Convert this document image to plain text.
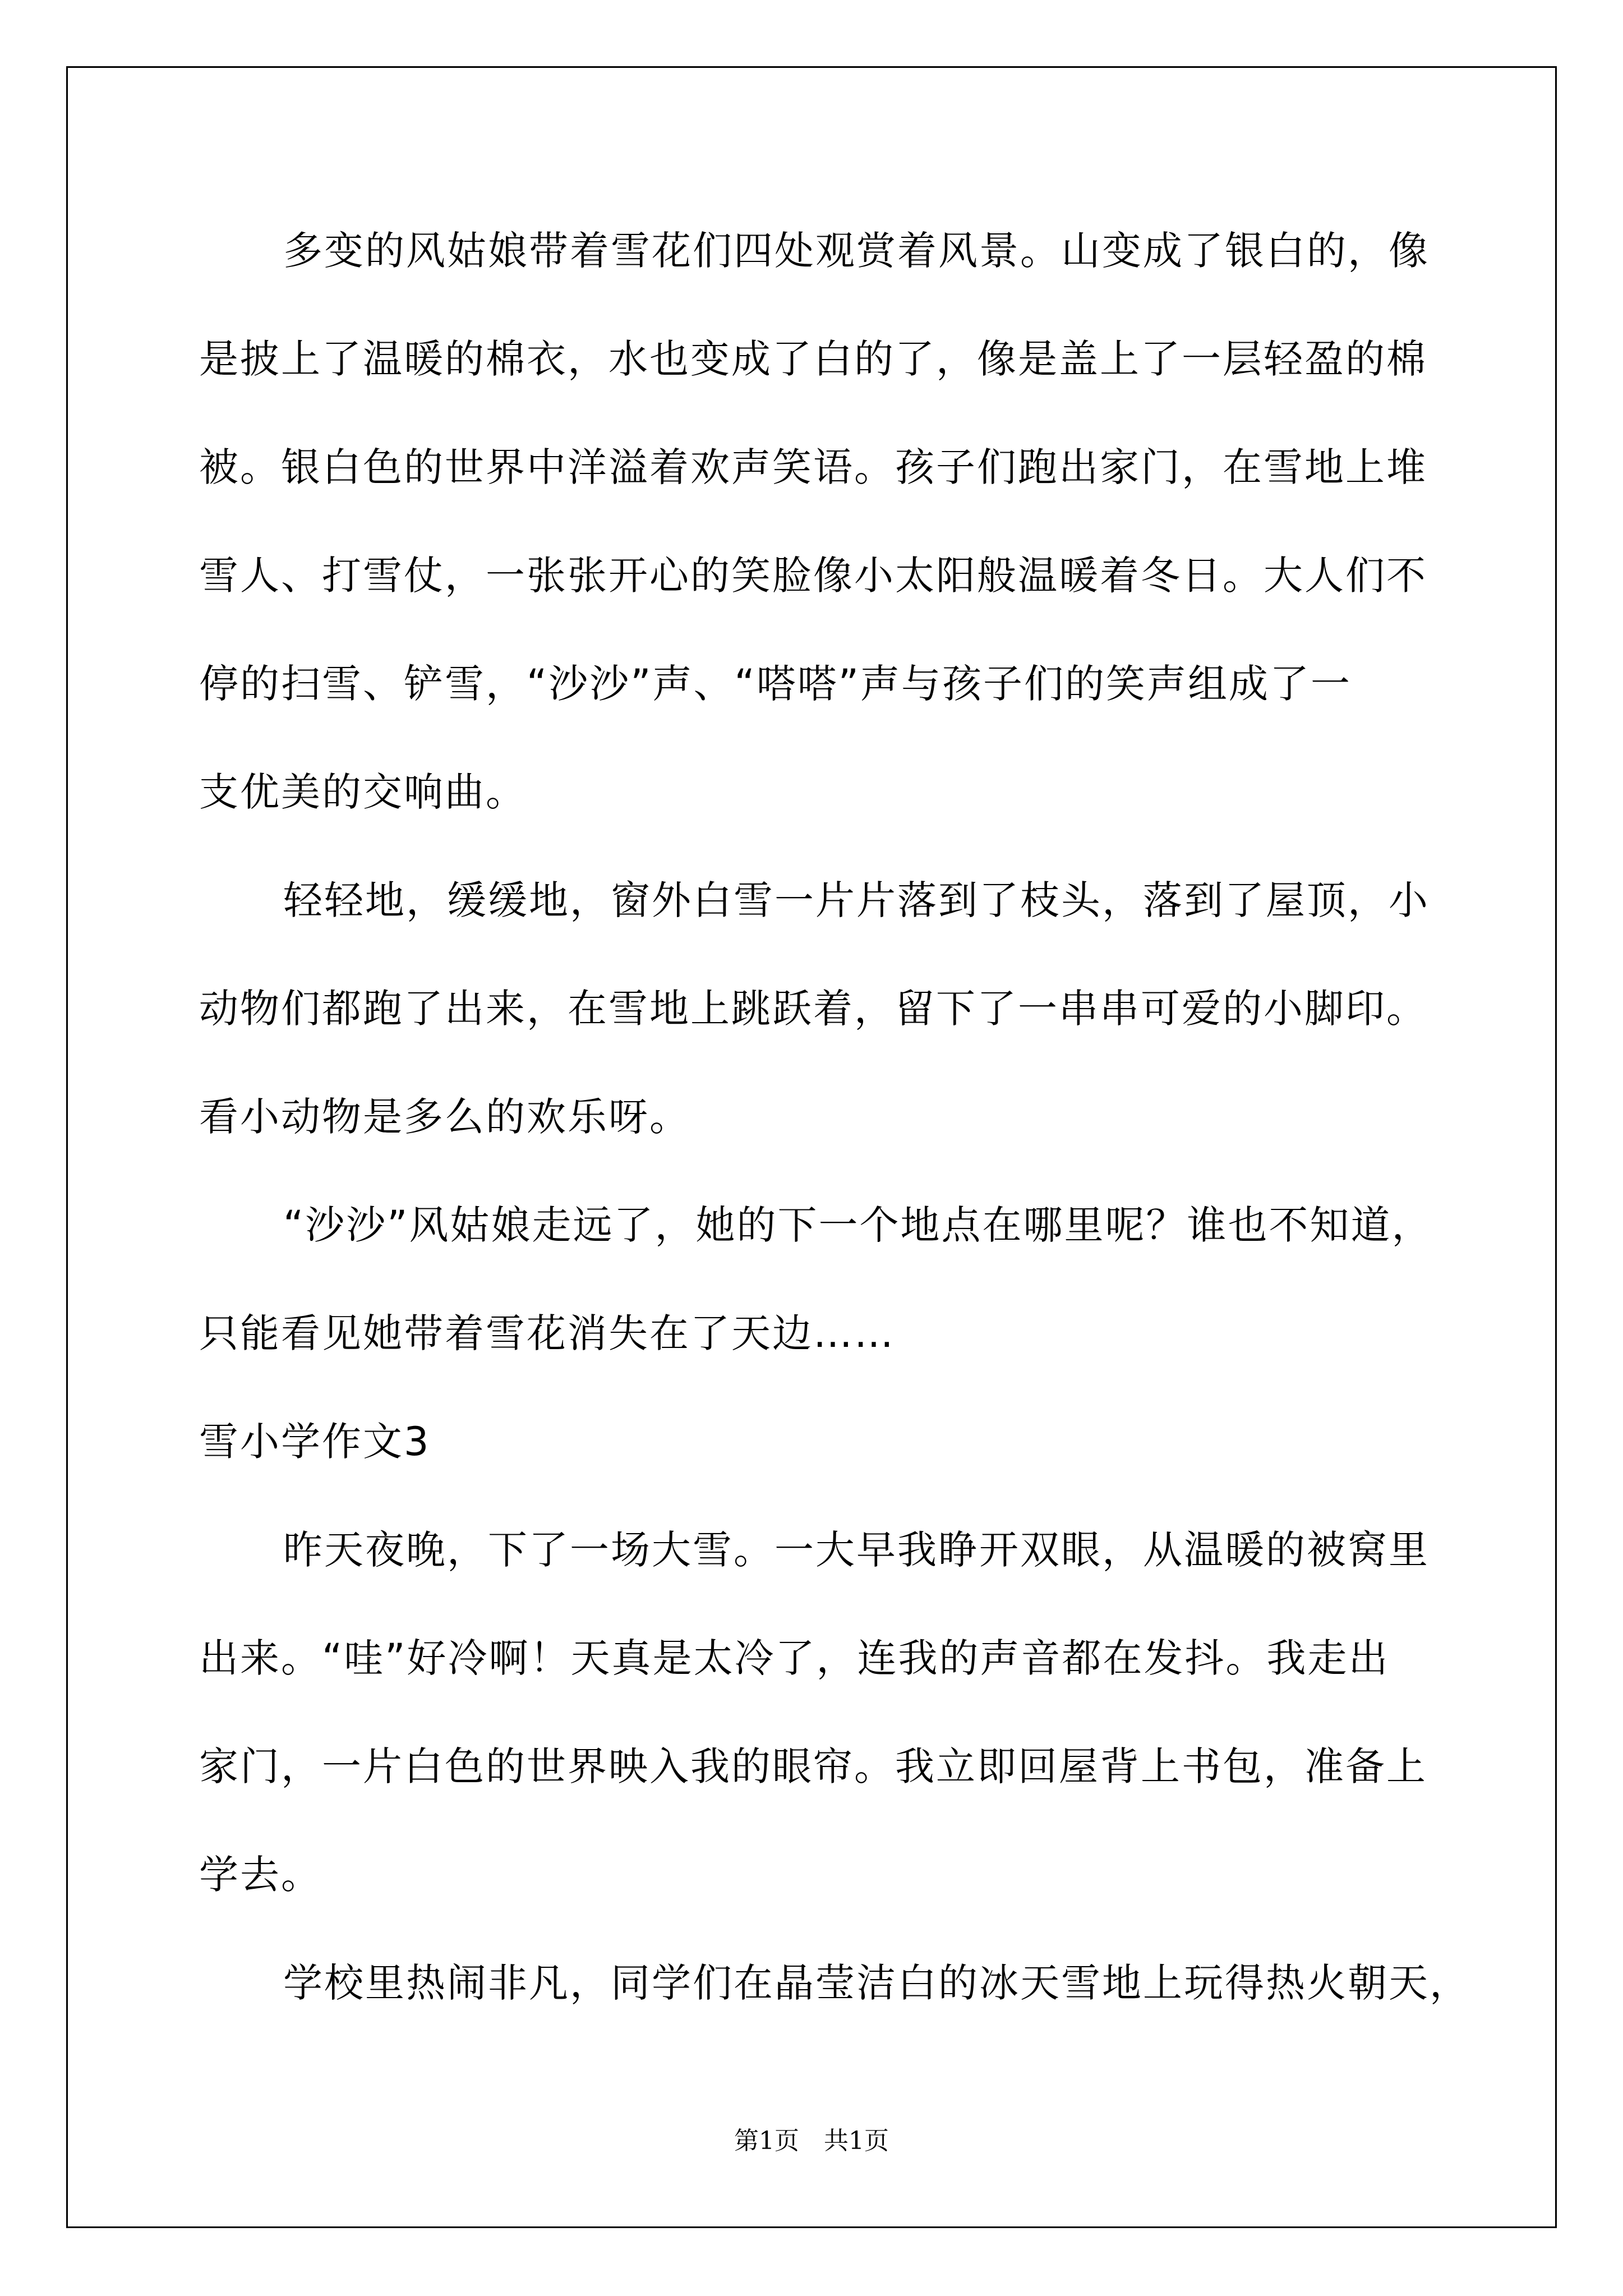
多变的风姑娘带着雪花们四处观赏着风景。山变成了银白的，像
是披上了温暖的棉衣，水也变成了白的了，像是盖上了一层轻盈的棉
被。银白色的世界中洋溢着欢声笑语。孩子们跑出家门，在雪地上堆
雪人、打雪仗，一张张开心的笑脸像小太阳般温暖着冬日。大人们不
停的扫雪、铲雪，“沙沙”声、“嗒嗒”声与孩子们的笑声组成了一
支优美的交响曲。
轻轻地，缓缓地，窗外白雪一片片落到了枝头，落到了屋顶，小
动物们都跑了出来，在雪地上跳跃着，留下了一串串可爱的小脚印。
看小动物是多么的欢乐呀。
“沙沙”风姑娘走远了，她的下一个地点在哪里呢？谁也不知道，
只能看见她带着雪花消失在了天边……
雪小学作文3
昨天夜晚，下了一场大雪。一大早我睁开双眼，从温暖的被窝里
出来。“哇”好冷啊！天真是太冷了，连我的声音都在发抖。我走出
家门，一片白色的世界映入我的眼帘。我立即回屋背上书包，准备上
学去。
学校里热闹非凡，同学们在晶莹洁白的冰天雪地上玩得热火朝天，
第1页 共1页
